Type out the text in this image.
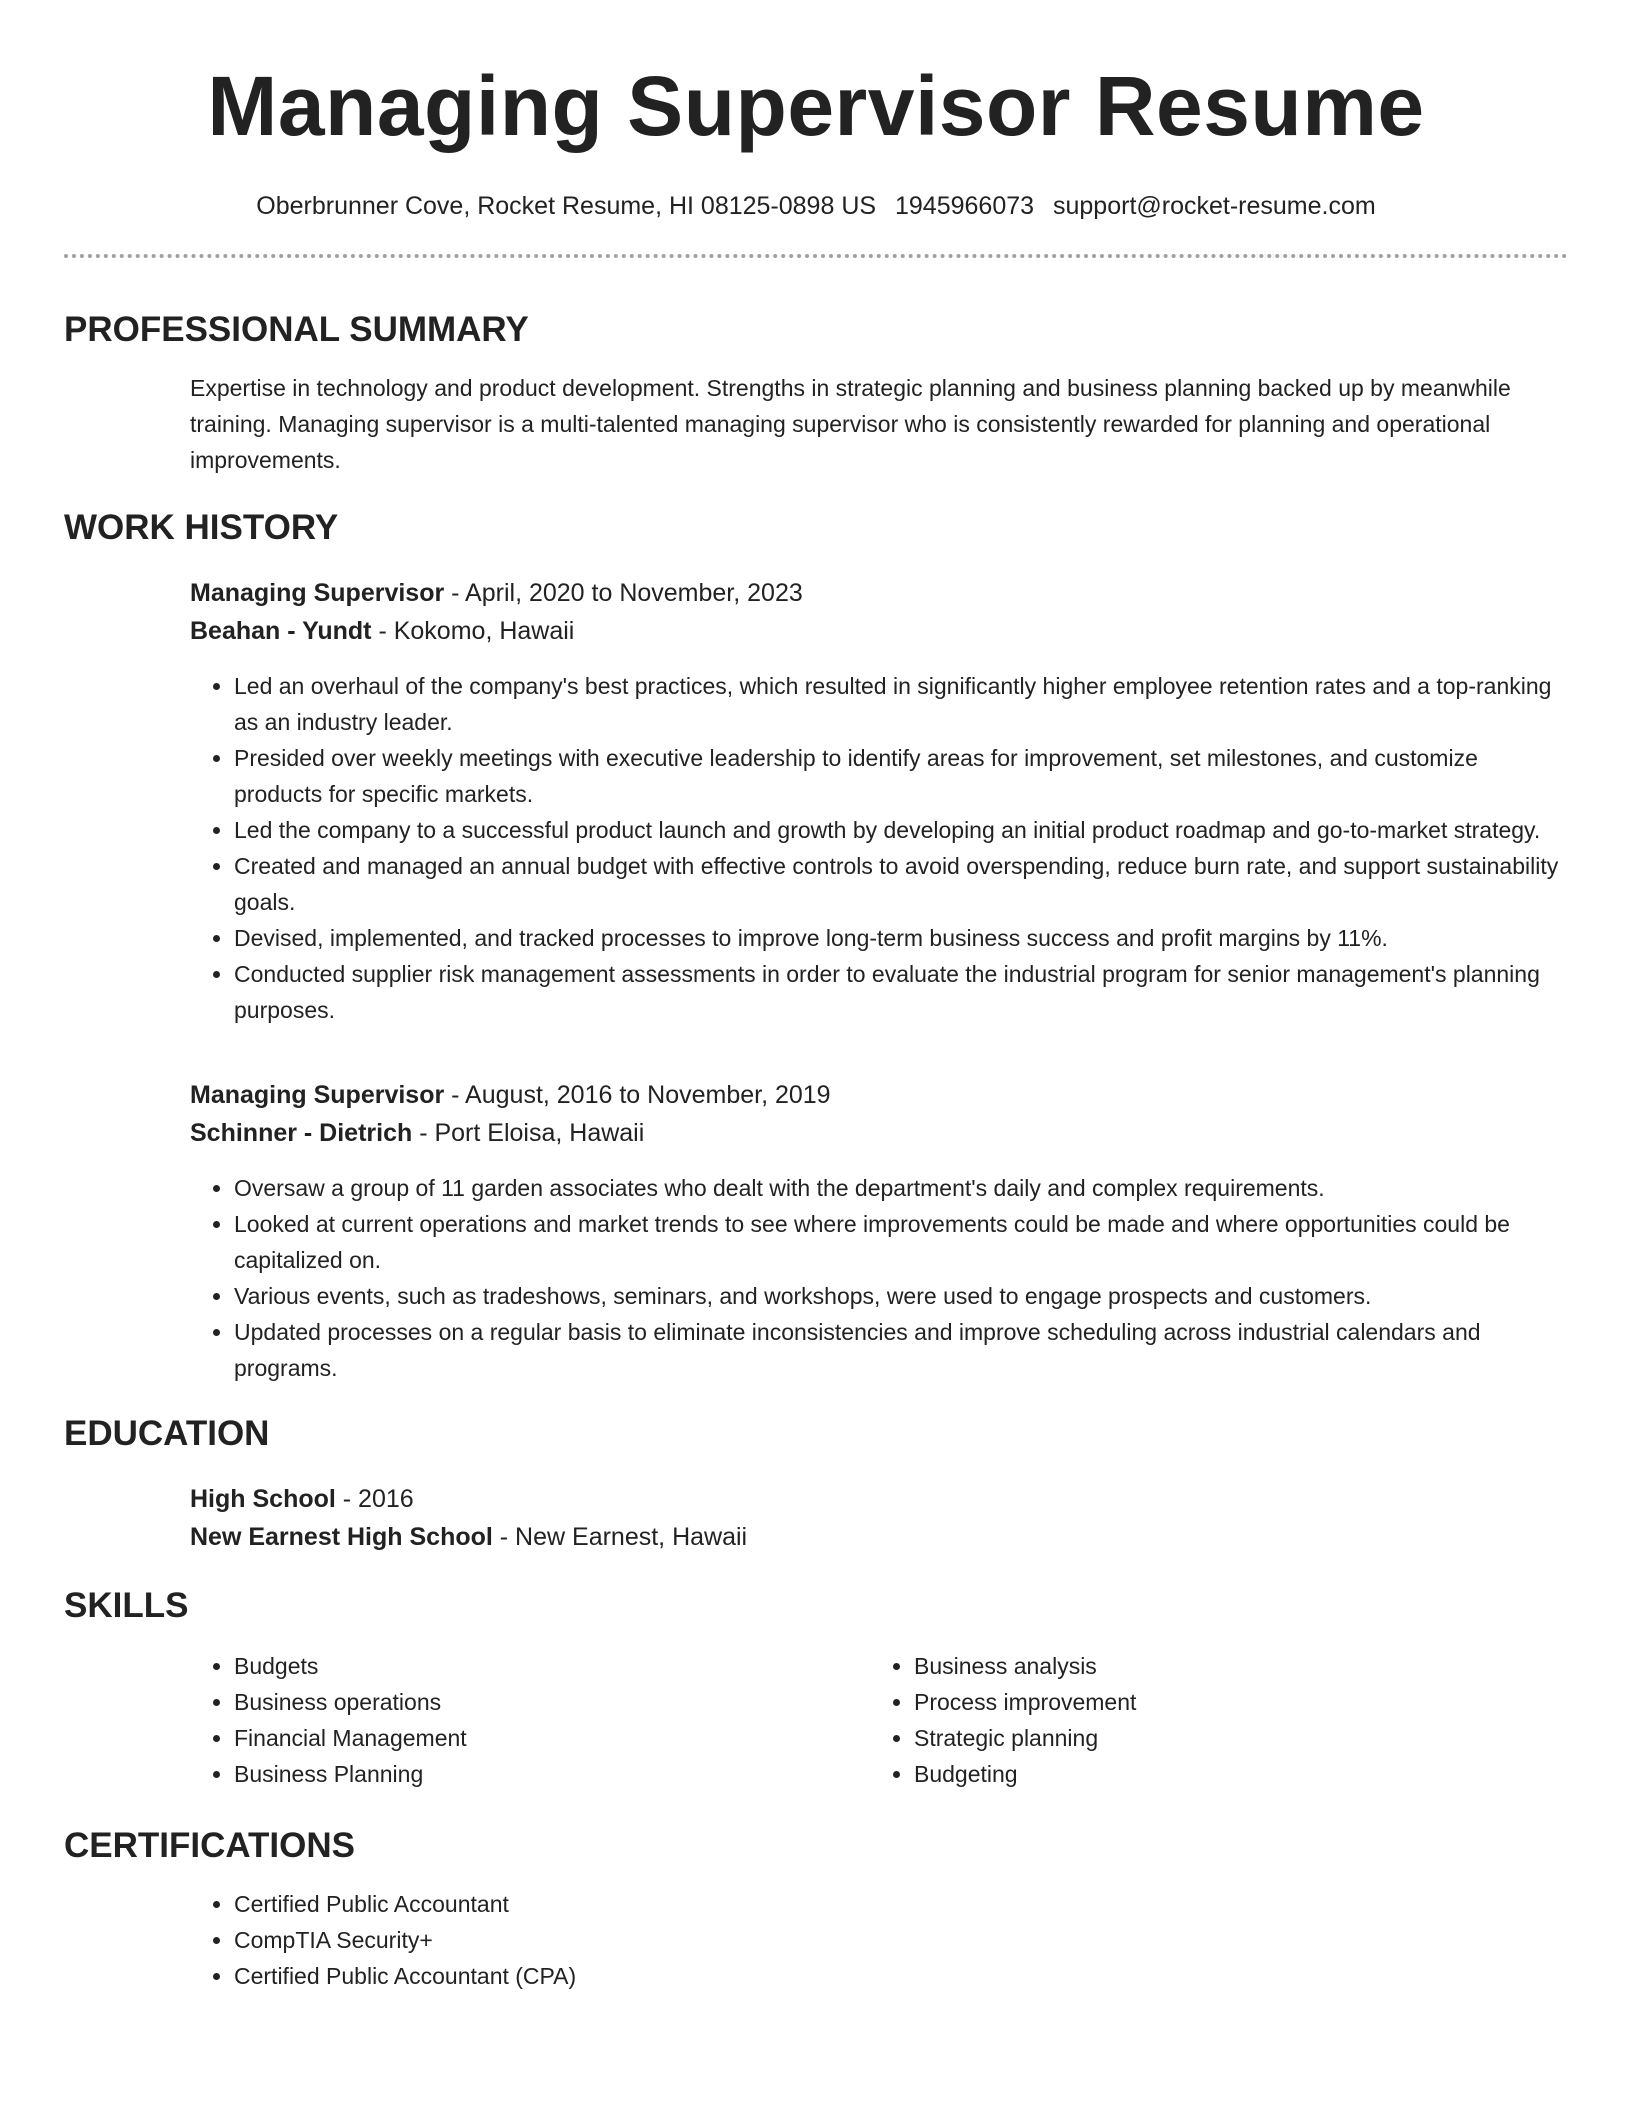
Managing Supervisor Resume
Oberbrunner Cove, Rocket Resume, HI 08125-0898 US 1945966073 support@rocket-resume.com
PROFESSIONAL SUMMARY

Expertise in technology and product development. Strengths in strategic planning and business planning backed up by meanwhile training. Managing supervisor is a multi-talented managing supervisor who is consistently rewarded for planning and operational improvements.

WORK HISTORY
Managing Supervisor - April, 2020 to November, 2023
Beahan - Yundt - Kokomo, Hawaii
• Led an overhaul of the company's best practices, which resulted in significantly higher employee retention rates and a top-ranking as an industry leader.
• Presided over weekly meetings with executive leadership to identify areas for improvement, set milestones, and customize products for specific markets.
• Led the company to a successful product launch and growth by developing an initial product roadmap and go-to-market strategy.
• Created and managed an annual budget with effective controls to avoid overspending, reduce burn rate, and support sustainability goals.
• Devised, implemented, and tracked processes to improve long-term business success and profit margins by 11%.
• Conducted supplier risk management assessments in order to evaluate the industrial program for senior management's planning purposes.
Managing Supervisor - August, 2016 to November, 2019
Schinner - Dietrich - Port Eloisa, Hawaii
• Oversaw a group of 11 garden associates who dealt with the department's daily and complex requirements.
• Looked at current operations and market trends to see where improvements could be made and where opportunities could be capitalized on.
• Various events, such as tradeshows, seminars, and workshops, were used to engage prospects and customers.
• Updated processes on a regular basis to eliminate inconsistencies and improve scheduling across industrial calendars and programs.
EDUCATION
High School - 2016
New Earnest High School - New Earnest, Hawaii
SKILLS
• Budgets
• Business operations
• Financial Management
• Business Planning
• Business analysis
• Process improvement
• Strategic planning
• Budgeting
CERTIFICATIONS
• Certified Public Accountant
• CompTIA Security+
• Certified Public Accountant (CPA)
